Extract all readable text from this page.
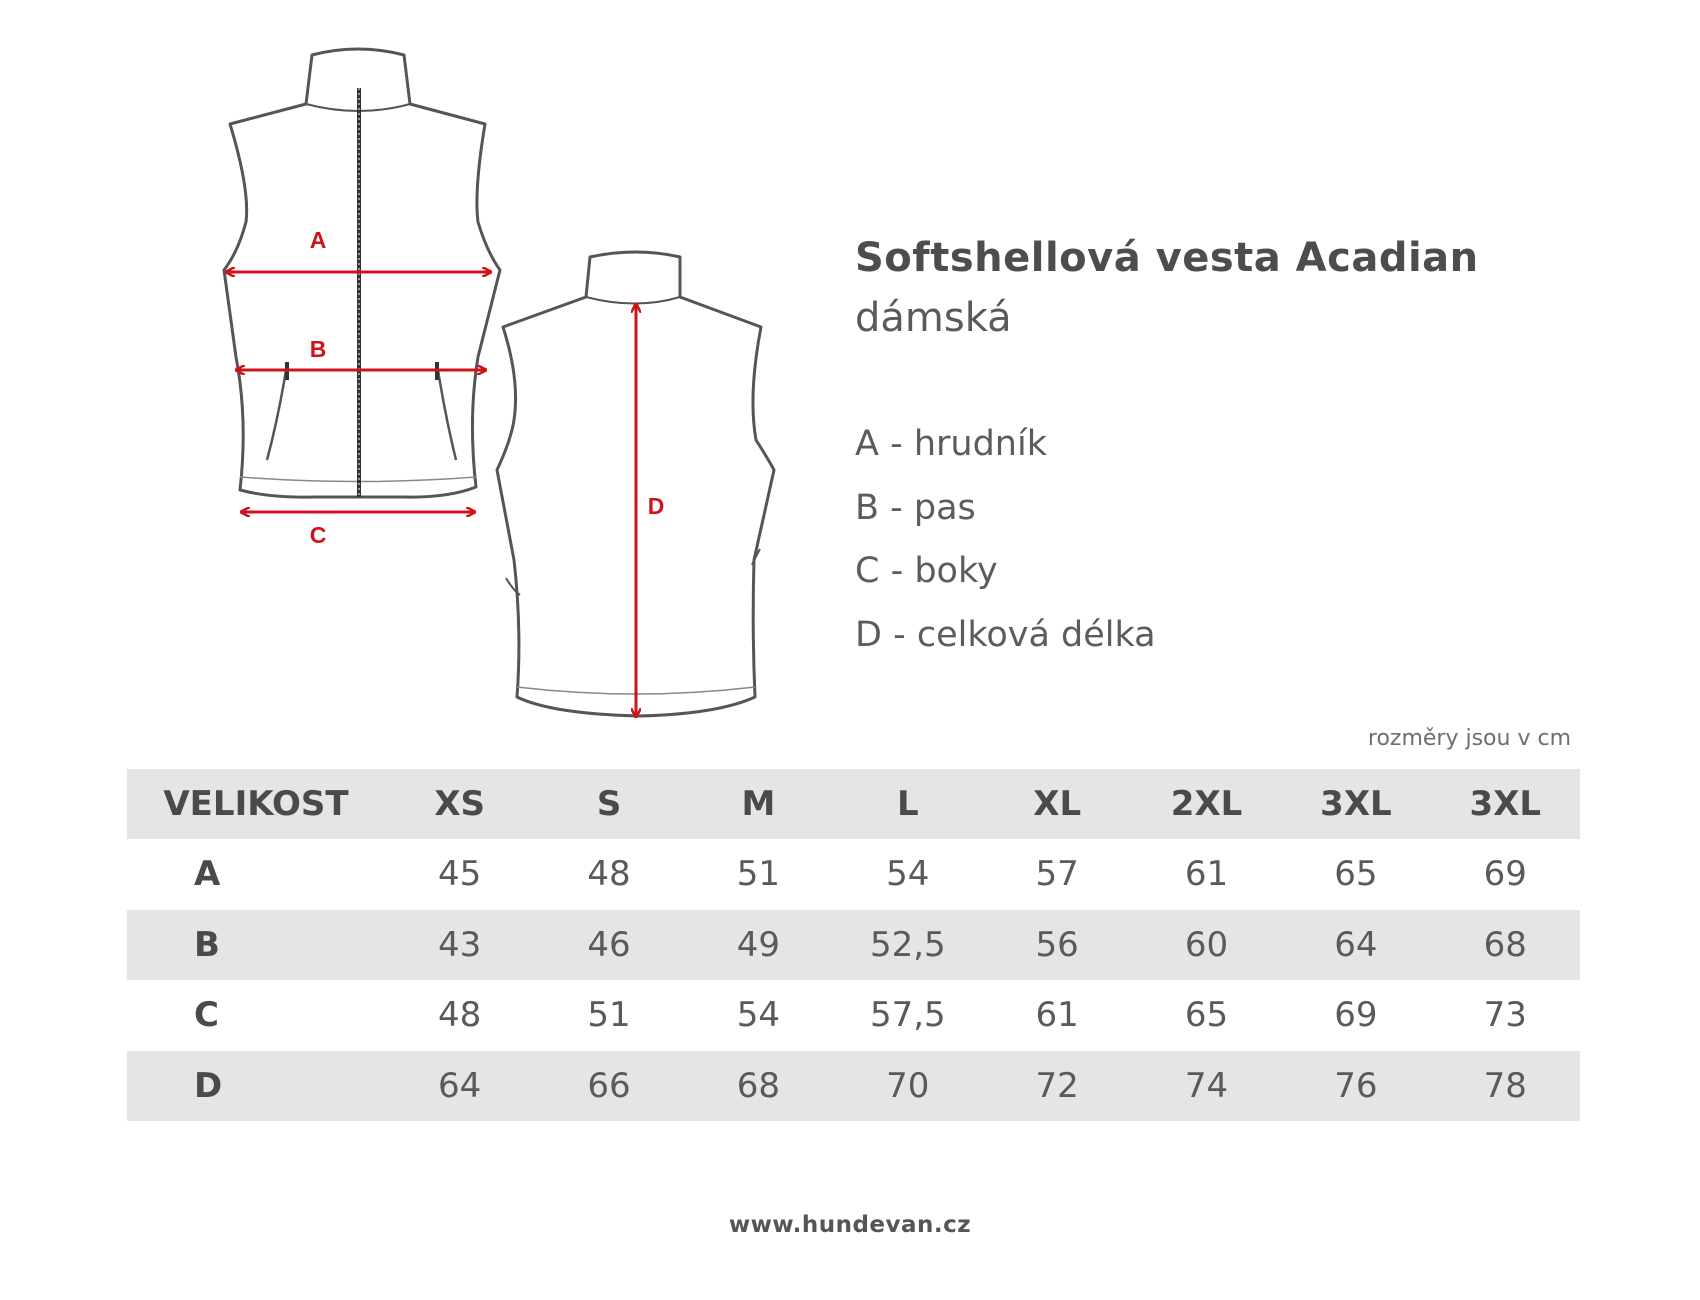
A
B
C
D
Softshellová vesta Acadian
dámská
A - hrudník
B - pas
C - boky
D - celková délka
rozměry jsou v cm
VELIKOST	XS	S	M	L	XL	2XL	3XL	3XL
A	45	48	51	54	57	61	65	69
B	43	46	49	52,5	56	60	64	68
C	48	51	54	57,5	61	65	69	73
D	64	66	68	70	72	74	76	78
www.hundevan.cz
